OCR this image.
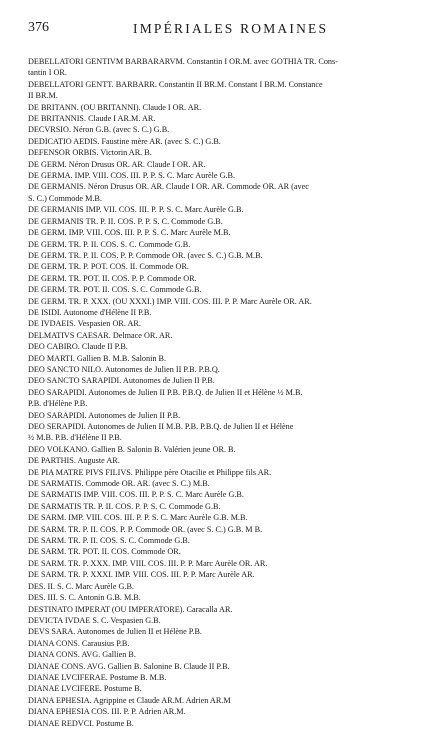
376	IMPÉRIALES ROMAINES
DEBELLATORI GENTIVM BARBARARVM. Constantin I OR.M. avec GOTHIA TR. Cons-
tantin I OR.
DEBELLATORI GENTT. BARBARR. Constantin II BR.M. Constant I BR.M. Constance
II BR.M.
DE BRITANN. (OU BRITANNI). Claude I OR. AR.
DE BRITANNIS. Claude I AR.M. AR.
DECVRSIO. Néron G.B. (avec S. C.) G.B.
DEDICATIO AEDIS. Faustine mère AR. (avec S. C.) G.B.
DEFENSOR ORBIS. Victorin AR. B.
DE GERM. Néron Drusus OR. AR. Claude I OR. AR.
DE GERMA. IMP. VIII. COS. III. P. P. S. C. Marc Aurèle G.B.
DE GERMANIS. Néron Drusus OR. AR. Claude I OR. AR. Commode OR. AR (avec
S. C.) Commode M.B.
DE GERMANIS IMP. VII. COS. III. P. P. S. C. Marc Aurèle G.B.
DE GERMANIS TR. P. II. COS. P. P. S. C. Commode G.B.
DE GERM. IMP. VIII. COS. III. P. P. S. C. Marc Aurèle M.B.
DE GERM. TR. P. II. COS. S. C. Commode G.B.
DE GERM. TR. P. II. COS. P. P. Commode OR. (avec S. C.) G.B. M.B.
DE GERM. TR. P. POT. COS. II. Commode OR.
DE GERM. TR. POT. II. COS. P. P. Commode OR.
DE GERM. TR. POT. II. COS. S. C. Commode G.B.
DE GERM. TR. P. XXX. (OU XXXI.) IMP. VIII. COS. III. P. P. Marc Aurèle OR. AR.
DE ISIDI. Autonome d'Hélène II P.B.
DE IVDAEIS. Vespasien OR. AR.
DELMATIVS CAESAR. Delmace OR. AR.
DEO CABIRO. Claude II P.B.
DEO MARTI. Gallien B. M.B. Salonin B.
DEO SANCTO NILO. Autonomes de Julien II P.B. P.B.Q.
DEO SANCTO SARAPIDI. Autonomes de Julien II P.B.
DEO SARAPIDI. Autonomes de Julien II P.B. P.B.Q. de Julien II et Hélène ½ M.B.
P.B. d'Hélène P.B.
DEO SARAPIDI. Autonomes de Julien II P.B.
DEO SERAPIDI. Autonomes de Julien II M.B. P.B. P.B.Q. de Julien II et Hélène
½ M.B. P.B. d'Hélène II P.B.
DEO VOLKANO. Gallien B. Salonin B. Valérien jeune OR. B.
DE PARTHIS. Auguste AR.
DE PIA MATRE PIVS FILIVS. Philippe père Otacilie et Philippe fils AR.
DE SARMATIS. Commode OR. AR. (avec S. C.) M.B.
DE SARMATIS IMP. VIII. COS. III. P. P. S. C. Marc Aurèle G.B.
DE SARMATIS TR. P. II. COS. P. P. S. C. Commode G.B.
DE SARM. IMP. VIII. COS. III. P. P. S. C. Marc Aurèle G.B. M.B.
DE SARM. TR. P. II. COS. P. P. Commode OR. (avec S. C.) G.B. M B.
DE SARM. TR. P. II. COS. S. C. Commode G.B.
DE SARM. TR. POT. II. COS. Commode OR.
DE SARM. TR. P. XXX. IMP. VIII. COS. III. P. P. Marc Aurèle OR. AR.
DE SARM. TR. P. XXXI. IMP. VIII. COS. III. P. P. Marc Aurèle AR.
DES. II. S. C. Marc Aurèle G.B.
DES. III. S. C. Antonin G.B. M.B.
DESTINATO IMPERAT (OU IMPERATORE). Caracalla AR.
DEVICTA IVDAE S. C. Vespasien G.B.
DEVS SARA. Autonomes de Julien II et Hélène P.B.
DIANA CONS. Carausius P.B.
DIANA CONS. AVG. Gallien B.
DIANAE CONS. AVG. Gallien B. Salonine B. Claude II P.B.
DIANAE LVCIFERAE. Postume B. M.B.
DIANAE LVCIFERE. Postume B.
DIANA EPHESIA. Agrippine et Claude AR.M. Adrien AR.M
DIANA EPHESIA COS. III. P. P. Adrien AR.M.
DIANAE REDVCI. Postume B.
